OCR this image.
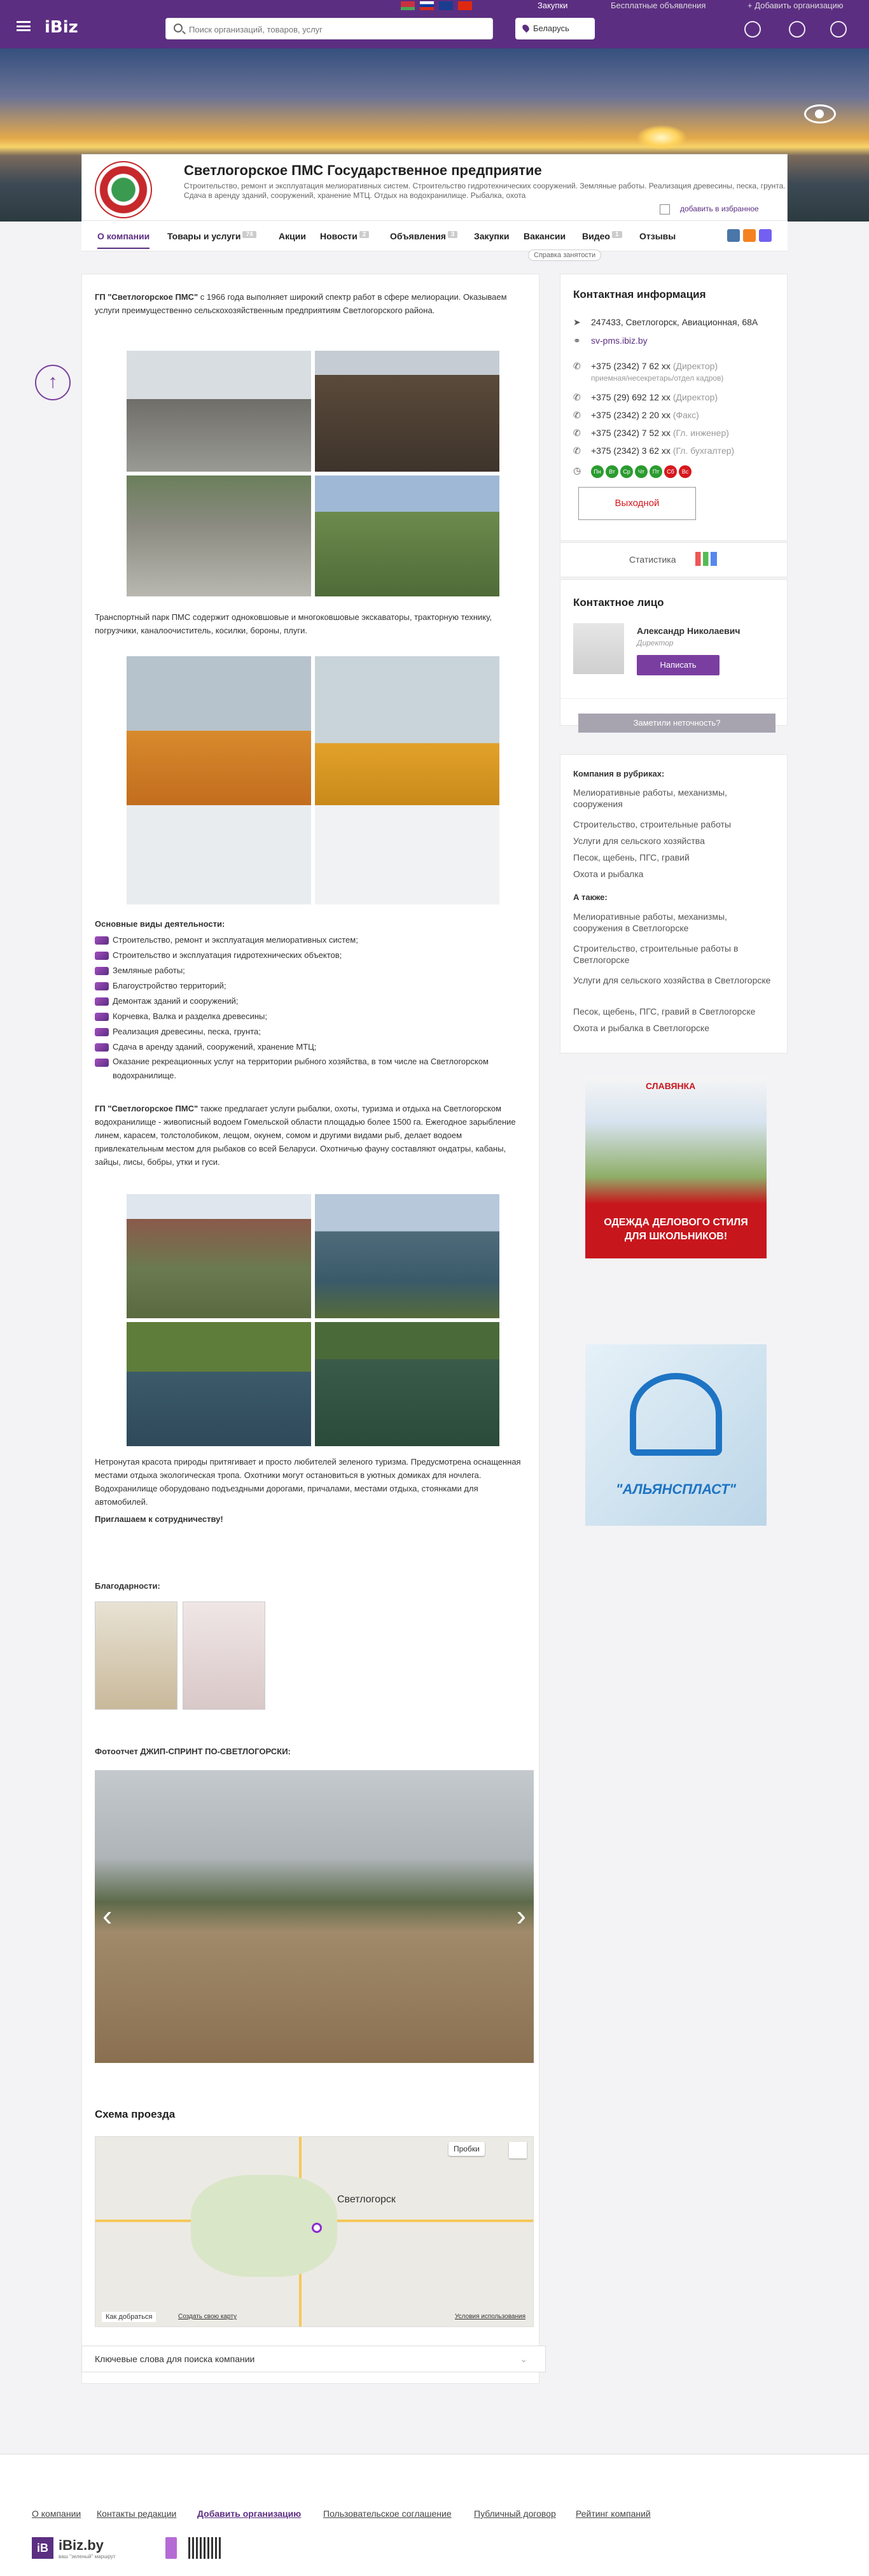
iBiz
Закупки	Бесплатные объявления	+ Добавить организацию
Поиск организаций, товаров, услуг
Беларусь
Светлогорское ПМС Государственное предприятие
Строительство, ремонт и эксплуатация мелиоративных систем. Строительство гидротехнических сооружений. Земляные работы. Реализация древесины, песка, грунта. Сдача в аренду зданий, сооружений, хранение МТЦ. Отдых на водохранилище. Рыбалка, охота
добавить в избранное
О компании Товары и услуги 74	Акции Новости 2	Объявления 3	Закупки Вакансии Видео 1	Отзывы
Справка занятости
↑
ГП "Светлогорское ПМС" с 1966 года выполняет широкий спектр работ в сфере мелиорации. Оказываем услуги преимущественно сельскохозяйственным предприятиям Светлогорского района.
Транспортный парк ПМС содержит одноковшовые и многоковшовые экскаваторы, тракторную технику, погрузчики, каналоочиститель, косилки, бороны, плуги.
Основные виды деятельности:
Строительство, ремонт и эксплуатация мелиоративных систем;
Строительство и эксплуатация гидротехнических объектов;
Земляные работы;
Благоустройство территорий;
Демонтаж зданий и сооружений;
Корчевка, Валка и разделка древесины;
Реализация древесины, песка, грунта;
Сдача в аренду зданий, сооружений, хранение МТЦ;
Оказание рекреационных услуг на территории рыбного хозяйства, в том числе на Светлогорском водохранилище.
ГП "Светлогорское ПМС" также предлагает услуги рыбалки, охоты, туризма и отдыха на Светлогорском водохранилище - живописный водоем Гомельской области площадью более 1500 га. Ежегодное зарыбление линем, карасем, толстолобиком, лещом, окунем, сомом и другими видами рыб, делает водоем привлекательным местом для рыбаков со всей Беларуси. Охотничью фауну составляют ондатры, кабаны, зайцы, лисы, бобры, утки и гуси.
Нетронутая красота природы притягивает и просто любителей зеленого туризма. Предусмотрена оснащенная местами отдыха экологическая тропа. Охотники могут остановиться в уютных домиках для ночлега. Водохранилище оборудовано подъездными дорогами, причалами, местами отдыха, стоянками для автомобилей.
Приглашаем к сотрудничеству!
Благодарности:
Фотоотчет ДЖИП-СПРИНТ ПО-СВЕТЛОГОРСКИ:
‹	›
Схема проезда
Светлогорск
Пробки
Как добраться	Создать свою карту	Условия использования
Ключевые слова для поиска компании	⌄
Контактная информация
➤ 247433, Светлогорск, Авиационная, 68А
⚭ sv-pms.ibiz.by
✆ +375 (2342) 7 62 xx (Директор)
приемная/несекретарь/отдел кадров)
✆ +375 (29) 692 12 xx (Директор)
✆ +375 (2342) 2 20 xx (Факс)
✆ +375 (2342) 7 52 xx (Гл. инженер)
✆ +375 (2342) 3 62 xx (Гл. бухгалтер)
◷ Пн Вт Ср Чт Пт Сб Вс
Выходной
Статистика
Контактное лицо
Александр Николаевич
Директор
Написать
Заметили неточность?
Компания в рубриках:
Мелиоративные работы, механизмы, сооружения
Строительство, строительные работы
Услуги для сельского хозяйства
Песок, щебень, ПГС, гравий
Охота и рыбалка
А также:
Мелиоративные работы, механизмы, сооружения в Светлогорске
Строительство, строительные работы в Светлогорске
Услуги для сельского хозяйства в Светлогорске
Песок, щебень, ПГС, гравий в Светлогорске
Охота и рыбалка в Светлогорске
СЛАВЯНКА
ОДЕЖДА ДЕЛОВОГО СТИЛЯ ДЛЯ ШКОЛЬНИКОВ!
"АЛЬЯНСПЛАСТ"
О компании Контакты редакции Добавить организацию Пользовательское соглашение	Публичный договор Рейтинг компаний
iB iBiz.by
ваш "зеленый" маршрут
